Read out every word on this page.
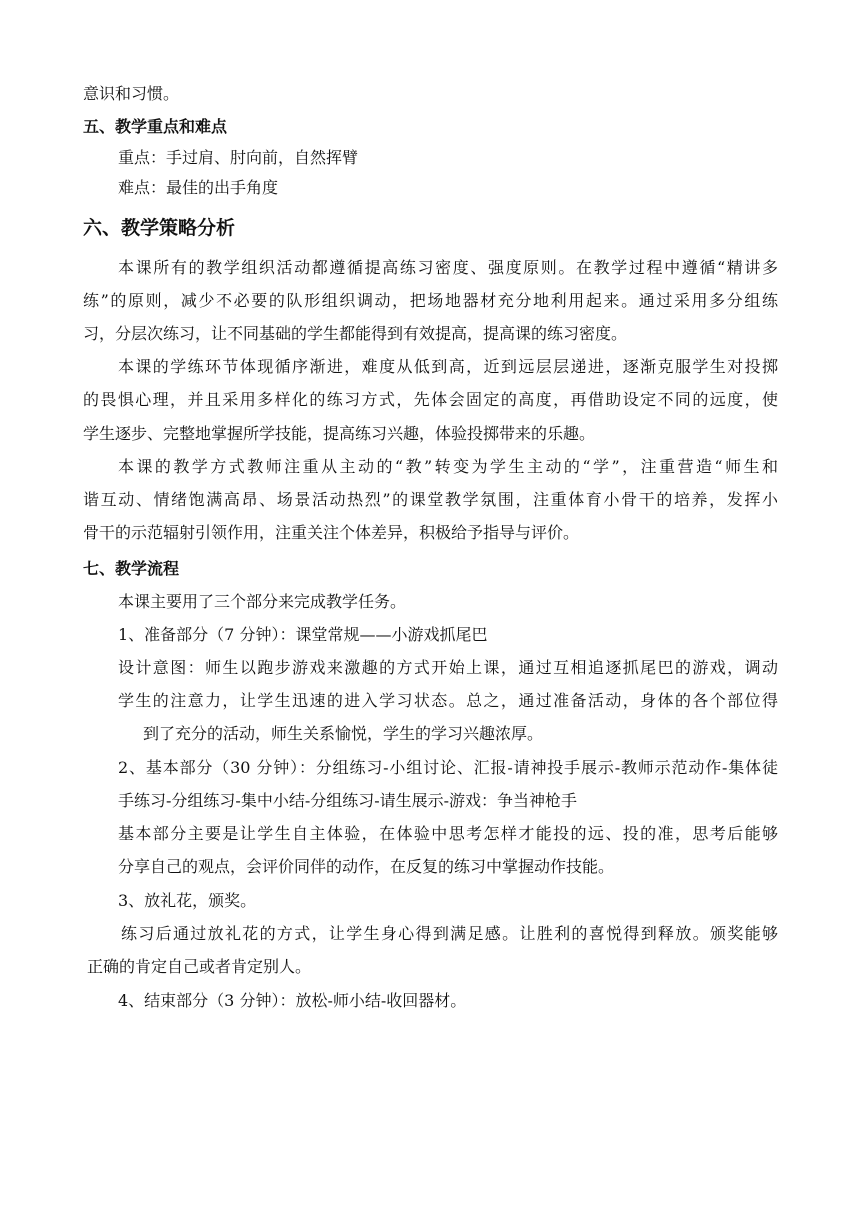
意识和习惯。
五、教学重点和难点
重点：手过肩、肘向前，自然挥臂
难点：最佳的出手角度
六、教学策略分析
本课所有的教学组织活动都遵循提高练习密度、强度原则。在教学过程中遵循“精讲多
练”的原则，减少不必要的队形组织调动，把场地器材充分地利用起来。通过采用多分组练
习，分层次练习，让不同基础的学生都能得到有效提高，提高课的练习密度。
本课的学练环节体现循序渐进，难度从低到高，近到远层层递进，逐渐克服学生对投掷
的畏惧心理，并且采用多样化的练习方式，先体会固定的高度，再借助设定不同的远度，使
学生逐步、完整地掌握所学技能，提高练习兴趣，体验投掷带来的乐趣。
本课的教学方式教师注重从主动的“教”转变为学生主动的“学”，注重营造“师生和
谐互动、情绪饱满高昂、场景活动热烈”的课堂教学氛围，注重体育小骨干的培养，发挥小
骨干的示范辐射引领作用，注重关注个体差异，积极给予指导与评价。
七、教学流程
本课主要用了三个部分来完成教学任务。
1、准备部分（7 分钟）：课堂常规——小游戏抓尾巴
设计意图：师生以跑步游戏来激趣的方式开始上课，通过互相追逐抓尾巴的游戏，调动
学生的注意力，让学生迅速的进入学习状态。总之，通过准备活动，身体的各个部位得
到了充分的活动，师生关系愉悦，学生的学习兴趣浓厚。
2、基本部分（30 分钟）：分组练习-小组讨论、汇报-请神投手展示-教师示范动作-集体徒
手练习-分组练习-集中小结-分组练习-请生展示-游戏：争当神枪手
基本部分主要是让学生自主体验，在体验中思考怎样才能投的远、投的准，思考后能够
分享自己的观点，会评价同伴的动作，在反复的练习中掌握动作技能。
3、放礼花，颁奖。
练习后通过放礼花的方式，让学生身心得到满足感。让胜利的喜悦得到释放。颁奖能够
正确的肯定自己或者肯定别人。
4、结束部分（3 分钟）：放松-师小结-收回器材。
